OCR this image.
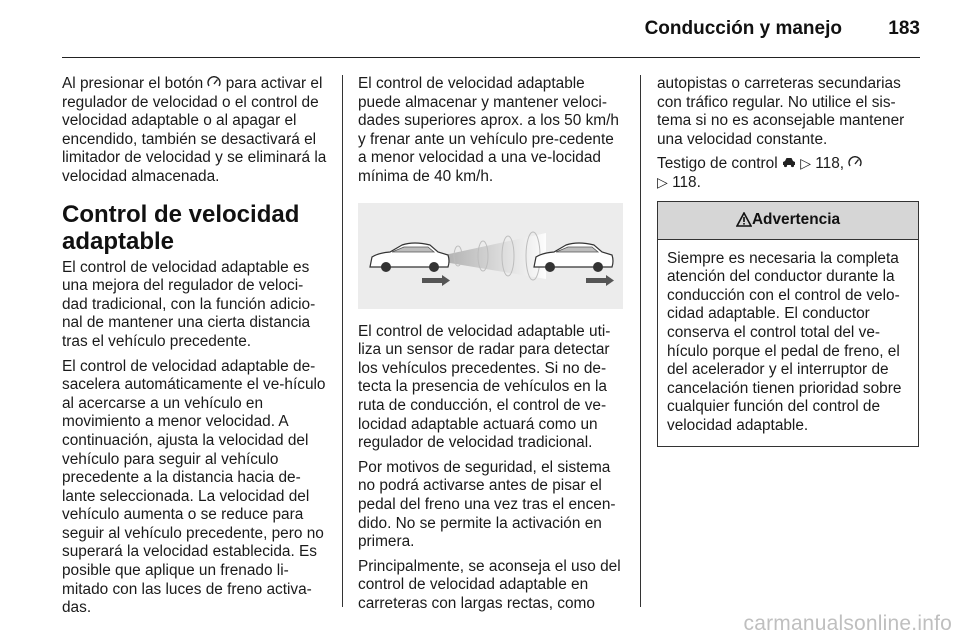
Conducción y manejo 183

Al presionar el botón  para activar el regulador de velocidad o el control de velocidad adaptable o al apagar el encendido, también se desactivará el limitador de velocidad y se eliminará la velocidad almacenada.

Control de velocidad adaptable

El control de velocidad adaptable es una mejora del regulador de veloci-dad tradicional, con la función adicio-nal de mantener una cierta distancia tras el vehículo precedente.

El control de velocidad adaptable de-sacelera automáticamente el ve-hículo al acercarse a un vehículo en movimiento a menor velocidad. A continuación, ajusta la velocidad del vehículo para seguir al vehículo precedente a la distancia hacia de-lante seleccionada. La velocidad del vehículo aumenta o se reduce para seguir al vehículo precedente, pero no superará la velocidad establecida. Es posible que aplique un frenado li-mitado con las luces de freno activa-das.

El control de velocidad adaptable puede almacenar y mantener veloci-dades superiores aprox. a los 50 km/h y frenar ante un vehículo pre-cedente a menor velocidad a una ve-locidad mínima de 40 km/h.

El control de velocidad adaptable uti-liza un sensor de radar para detectar los vehículos precedentes. Si no de-tecta la presencia de vehículos en la ruta de conducción, el control de ve-locidad adaptable actuará como un regulador de velocidad tradicional.

Por motivos de seguridad, el sistema no podrá activarse antes de pisar el pedal del freno una vez tras el encen-dido. No se permite la activación en primera.

Principalmente, se aconseja el uso del control de velocidad adaptable en carreteras con largas rectas, como

autopistas o carreteras secundarias con tráfico regular. No utilice el sis-tema si no es aconsejable mantener una velocidad constante.

Testigo de control  ▷ 118,
▷ 118.

Advertencia
Siempre es necesaria la completa atención del conductor durante la conducción con el control de velo-cidad adaptable. El conductor conserva el control total del ve-hículo porque el pedal de freno, el del acelerador y el interruptor de cancelación tienen prioridad sobre cualquier función del control de velocidad adaptable.
carmanualsonline.info
